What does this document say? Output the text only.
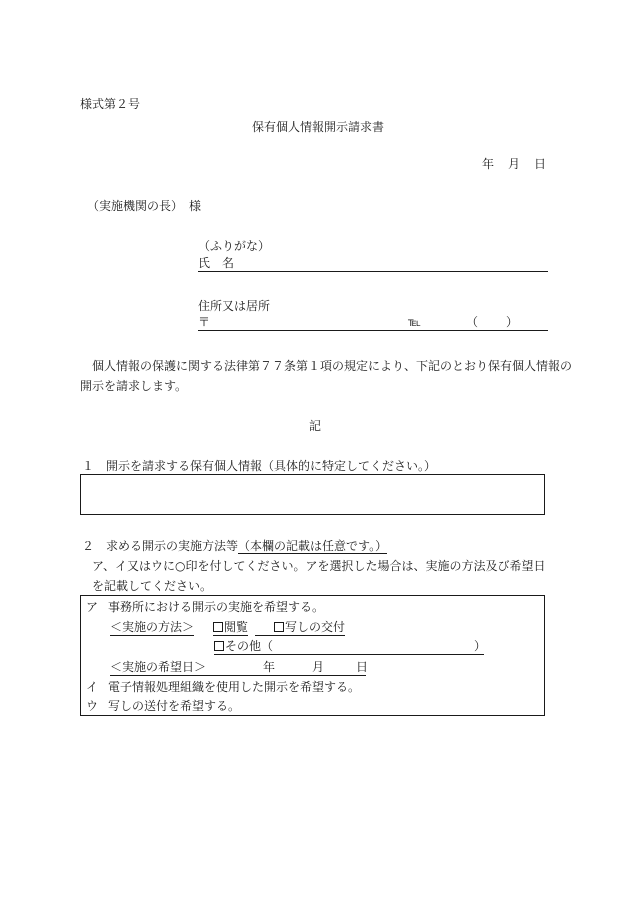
様式第２号
保有個人情報開示請求書
年 月 日
（実施機関の長）　様
（ふりがな）
氏　名
住所又は居所
〒	℡	（ ）
個人情報の保護に関する法律第７７条第１項の規定により、下記のとおり保有個人情報の
開示を請求します。
記
１ 開示を請求する保有個人情報（具体的に特定してください。）
２ 求める開示の実施方法等（本欄の記載は任意です。）
ア、イ又はウに○印を付してください。アを選択した場合は、実施の方法及び希望日
を記載してください。
ア 事務所における開示の実施を希望する。
＜実施の方法＞	閲覧	写しの交付
その他（	）
＜実施の希望日＞	年	月	日
イ 電子情報処理組織を使用した開示を希望する。
ウ 写しの送付を希望する。
